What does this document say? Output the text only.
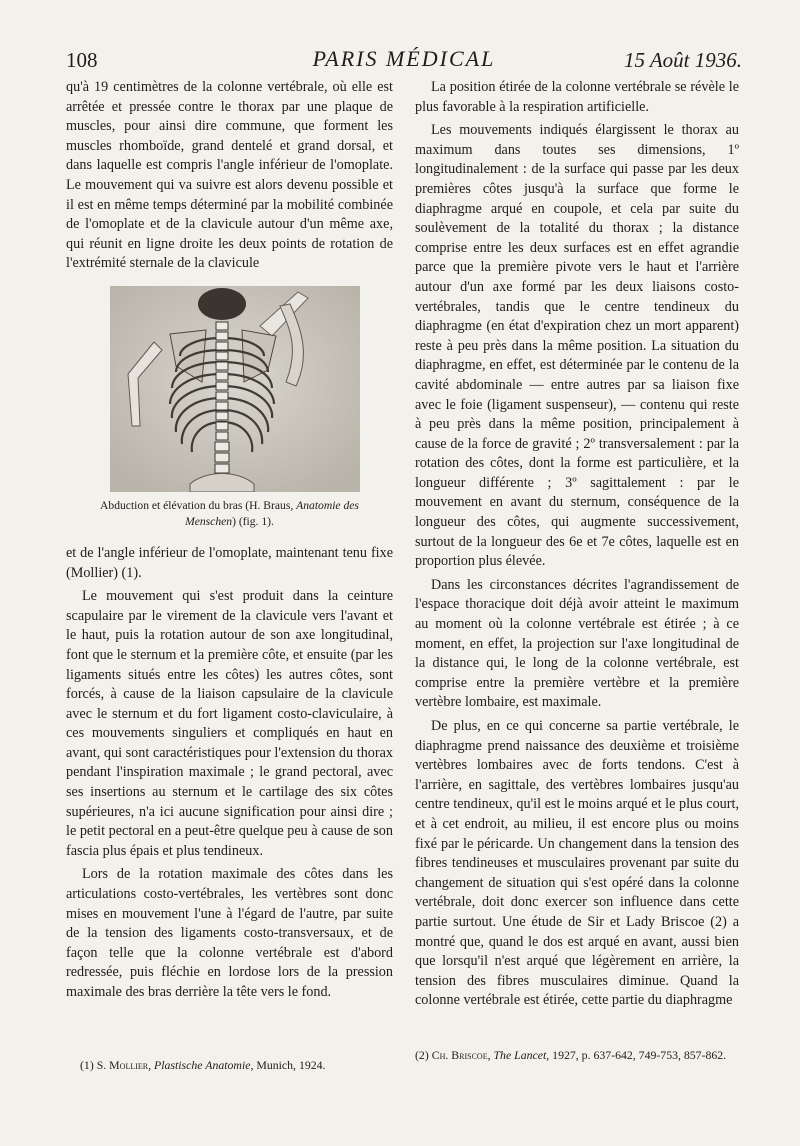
108	PARIS MÉDICAL	15 Août 1936.

qu'à 19 centimètres de la colonne vertébrale, où elle est arrêtée et pressée contre le thorax par une plaque de muscles, pour ainsi dire commune, que forment les muscles rhomboïde, grand dentelé et grand dorsal, et dans laquelle est compris l'angle inférieur de l'omoplate. Le mouvement qui va suivre est alors devenu possible et il est en même temps déterminé par la mobilité combinée de l'omoplate et de la clavicule autour d'un même axe, qui réunit en ligne droite les deux points de rotation de l'extrémité sternale de la clavicule

Abduction et élévation du bras (H. Braus, Anatomie des Menschen) (fig. 1).

et de l'angle inférieur de l'omoplate, maintenant tenu fixe (Mollier) (1).

Le mouvement qui s'est produit dans la ceinture scapulaire par le virement de la clavicule vers l'avant et le haut, puis la rotation autour de son axe longitudinal, font que le sternum et la première côte, et ensuite (par les ligaments situés entre les côtes) les autres côtes, sont forcés, à cause de la liaison capsulaire de la clavicule avec le sternum et du fort ligament costo-claviculaire, à ces mouvements singuliers et compliqués en haut en avant, qui sont caractéristiques pour l'extension du thorax pendant l'inspiration maximale ; le grand pectoral, avec ses insertions au sternum et le cartilage des six côtes supérieures, n'a ici aucune signification pour ainsi dire ; le petit pectoral en a peut-être quelque peu à cause de son fascia plus épais et plus tendineux.

Lors de la rotation maximale des côtes dans les articulations costo-vertébrales, les vertèbres sont donc mises en mouvement l'une à l'égard de l'autre, par suite de la tension des ligaments costo-transversaux, et de façon telle que la colonne vertébrale est d'abord redressée, puis fléchie en lordose lors de la pression maximale des bras derrière la tête vers le fond.

(1) S. Mollier, Plastische Anatomie, Munich, 1924.

La position étirée de la colonne vertébrale se révèle le plus favorable à la respiration artificielle.

Les mouvements indiqués élargissent le thorax au maximum dans toutes ses dimensions, 1º longitudinalement : de la surface qui passe par les deux premières côtes jusqu'à la surface que forme le diaphragme arqué en coupole, et cela par suite du soulèvement de la totalité du thorax ; la distance comprise entre les deux surfaces est en effet agrandie parce que la première pivote vers le haut et l'arrière autour d'un axe formé par les deux liaisons costo-vertébrales, tandis que le centre tendineux du diaphragme (en état d'expiration chez un mort apparent) reste à peu près dans la même position. La situation du diaphragme, en effet, est déterminée par le contenu de la cavité abdominale — entre autres par sa liaison fixe avec le foie (ligament suspenseur), — contenu qui reste à peu près dans la même position, principalement à cause de la force de gravité ; 2º transversalement : par la rotation des côtes, dont la forme est particulière, et la longueur différente ; 3º sagittalement : par le mouvement en avant du sternum, conséquence de la longueur des côtes, qui augmente successivement, surtout de la longueur des 6e et 7e côtes, laquelle est en proportion plus élevée.

Dans les circonstances décrites l'agrandissement de l'espace thoracique doit déjà avoir atteint le maximum au moment où la colonne vertébrale est étirée ; à ce moment, en effet, la projection sur l'axe longitudinal de la distance qui, le long de la colonne vertébrale, est comprise entre la première vertèbre et la première vertèbre lombaire, est maximale.

De plus, en ce qui concerne sa partie vertébrale, le diaphragme prend naissance des deuxième et troisième vertèbres lombaires avec de forts tendons. C'est à l'arrière, en sagittale, des vertèbres lombaires jusqu'au centre tendineux, qu'il est le moins arqué et le plus court, et à cet endroit, au milieu, il est encore plus ou moins fixé par le péricarde. Un changement dans la tension des fibres tendineuses et musculaires provenant par suite du changement de situation qui s'est opéré dans la colonne vertébrale, doit donc exercer son influence dans cette partie surtout. Une étude de Sir et Lady Briscoe (2) a montré que, quand le dos est arqué en avant, aussi bien que lorsqu'il n'est arqué que légèrement en arrière, la tension des fibres musculaires diminue. Quand la colonne vertébrale est étirée, cette partie du diaphragme

(2) Ch. Briscoe, The Lancet, 1927, p. 637-642, 749-753, 857-862.
